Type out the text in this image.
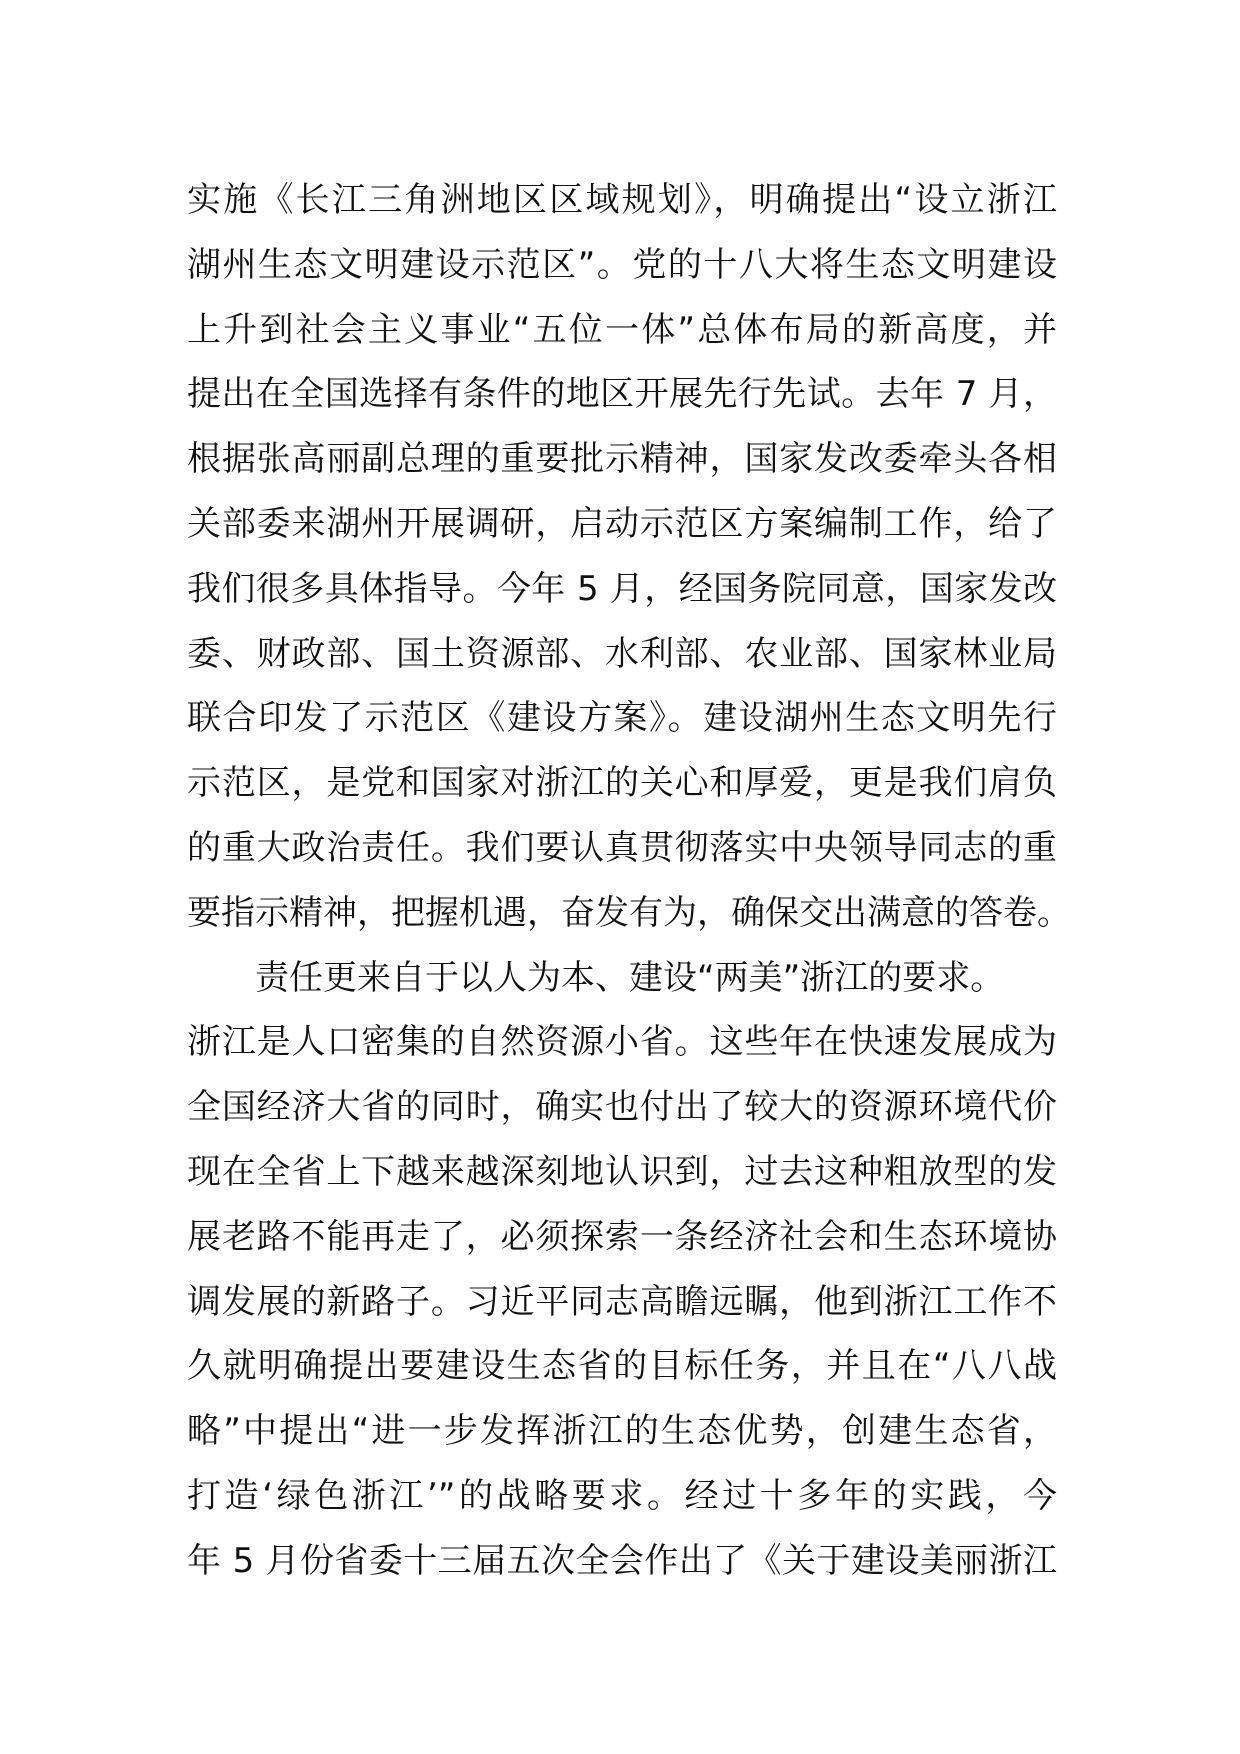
实施《长江三角洲地区区域规划》，明确提出“设立浙江
湖州生态文明建设示范区”。党的十八大将生态文明建设
上升到社会主义事业“五位一体”总体布局的新高度，并
提出在全国选择有条件的地区开展先行先试。去年 7 月，
根据张高丽副总理的重要批示精神，国家发改委牵头各相
关部委来湖州开展调研，启动示范区方案编制工作，给了
我们很多具体指导。今年 5 月，经国务院同意，国家发改
委、财政部、国土资源部、水利部、农业部、国家林业局
联合印发了示范区《建设方案》。建设湖州生态文明先行
示范区，是党和国家对浙江的关心和厚爱，更是我们肩负
的重大政治责任。我们要认真贯彻落实中央领导同志的重
要指示精神，把握机遇，奋发有为，确保交出满意的答卷。
责任更来自于以人为本、建设“两美”浙江的要求。
浙江是人口密集的自然资源小省。这些年在快速发展成为
全国经济大省的同时，确实也付出了较大的资源环境代价
现在全省上下越来越深刻地认识到，过去这种粗放型的发
展老路不能再走了，必须探索一条经济社会和生态环境协
调发展的新路子。习近平同志高瞻远瞩，他到浙江工作不
久就明确提出要建设生态省的目标任务，并且在“八八战
略”中提出“进一步发挥浙江的生态优势，创建生态省，
打造‘绿色浙江’”的战略要求。经过十多年的实践，今
年 5 月份省委十三届五次全会作出了《关于建设美丽浙江
